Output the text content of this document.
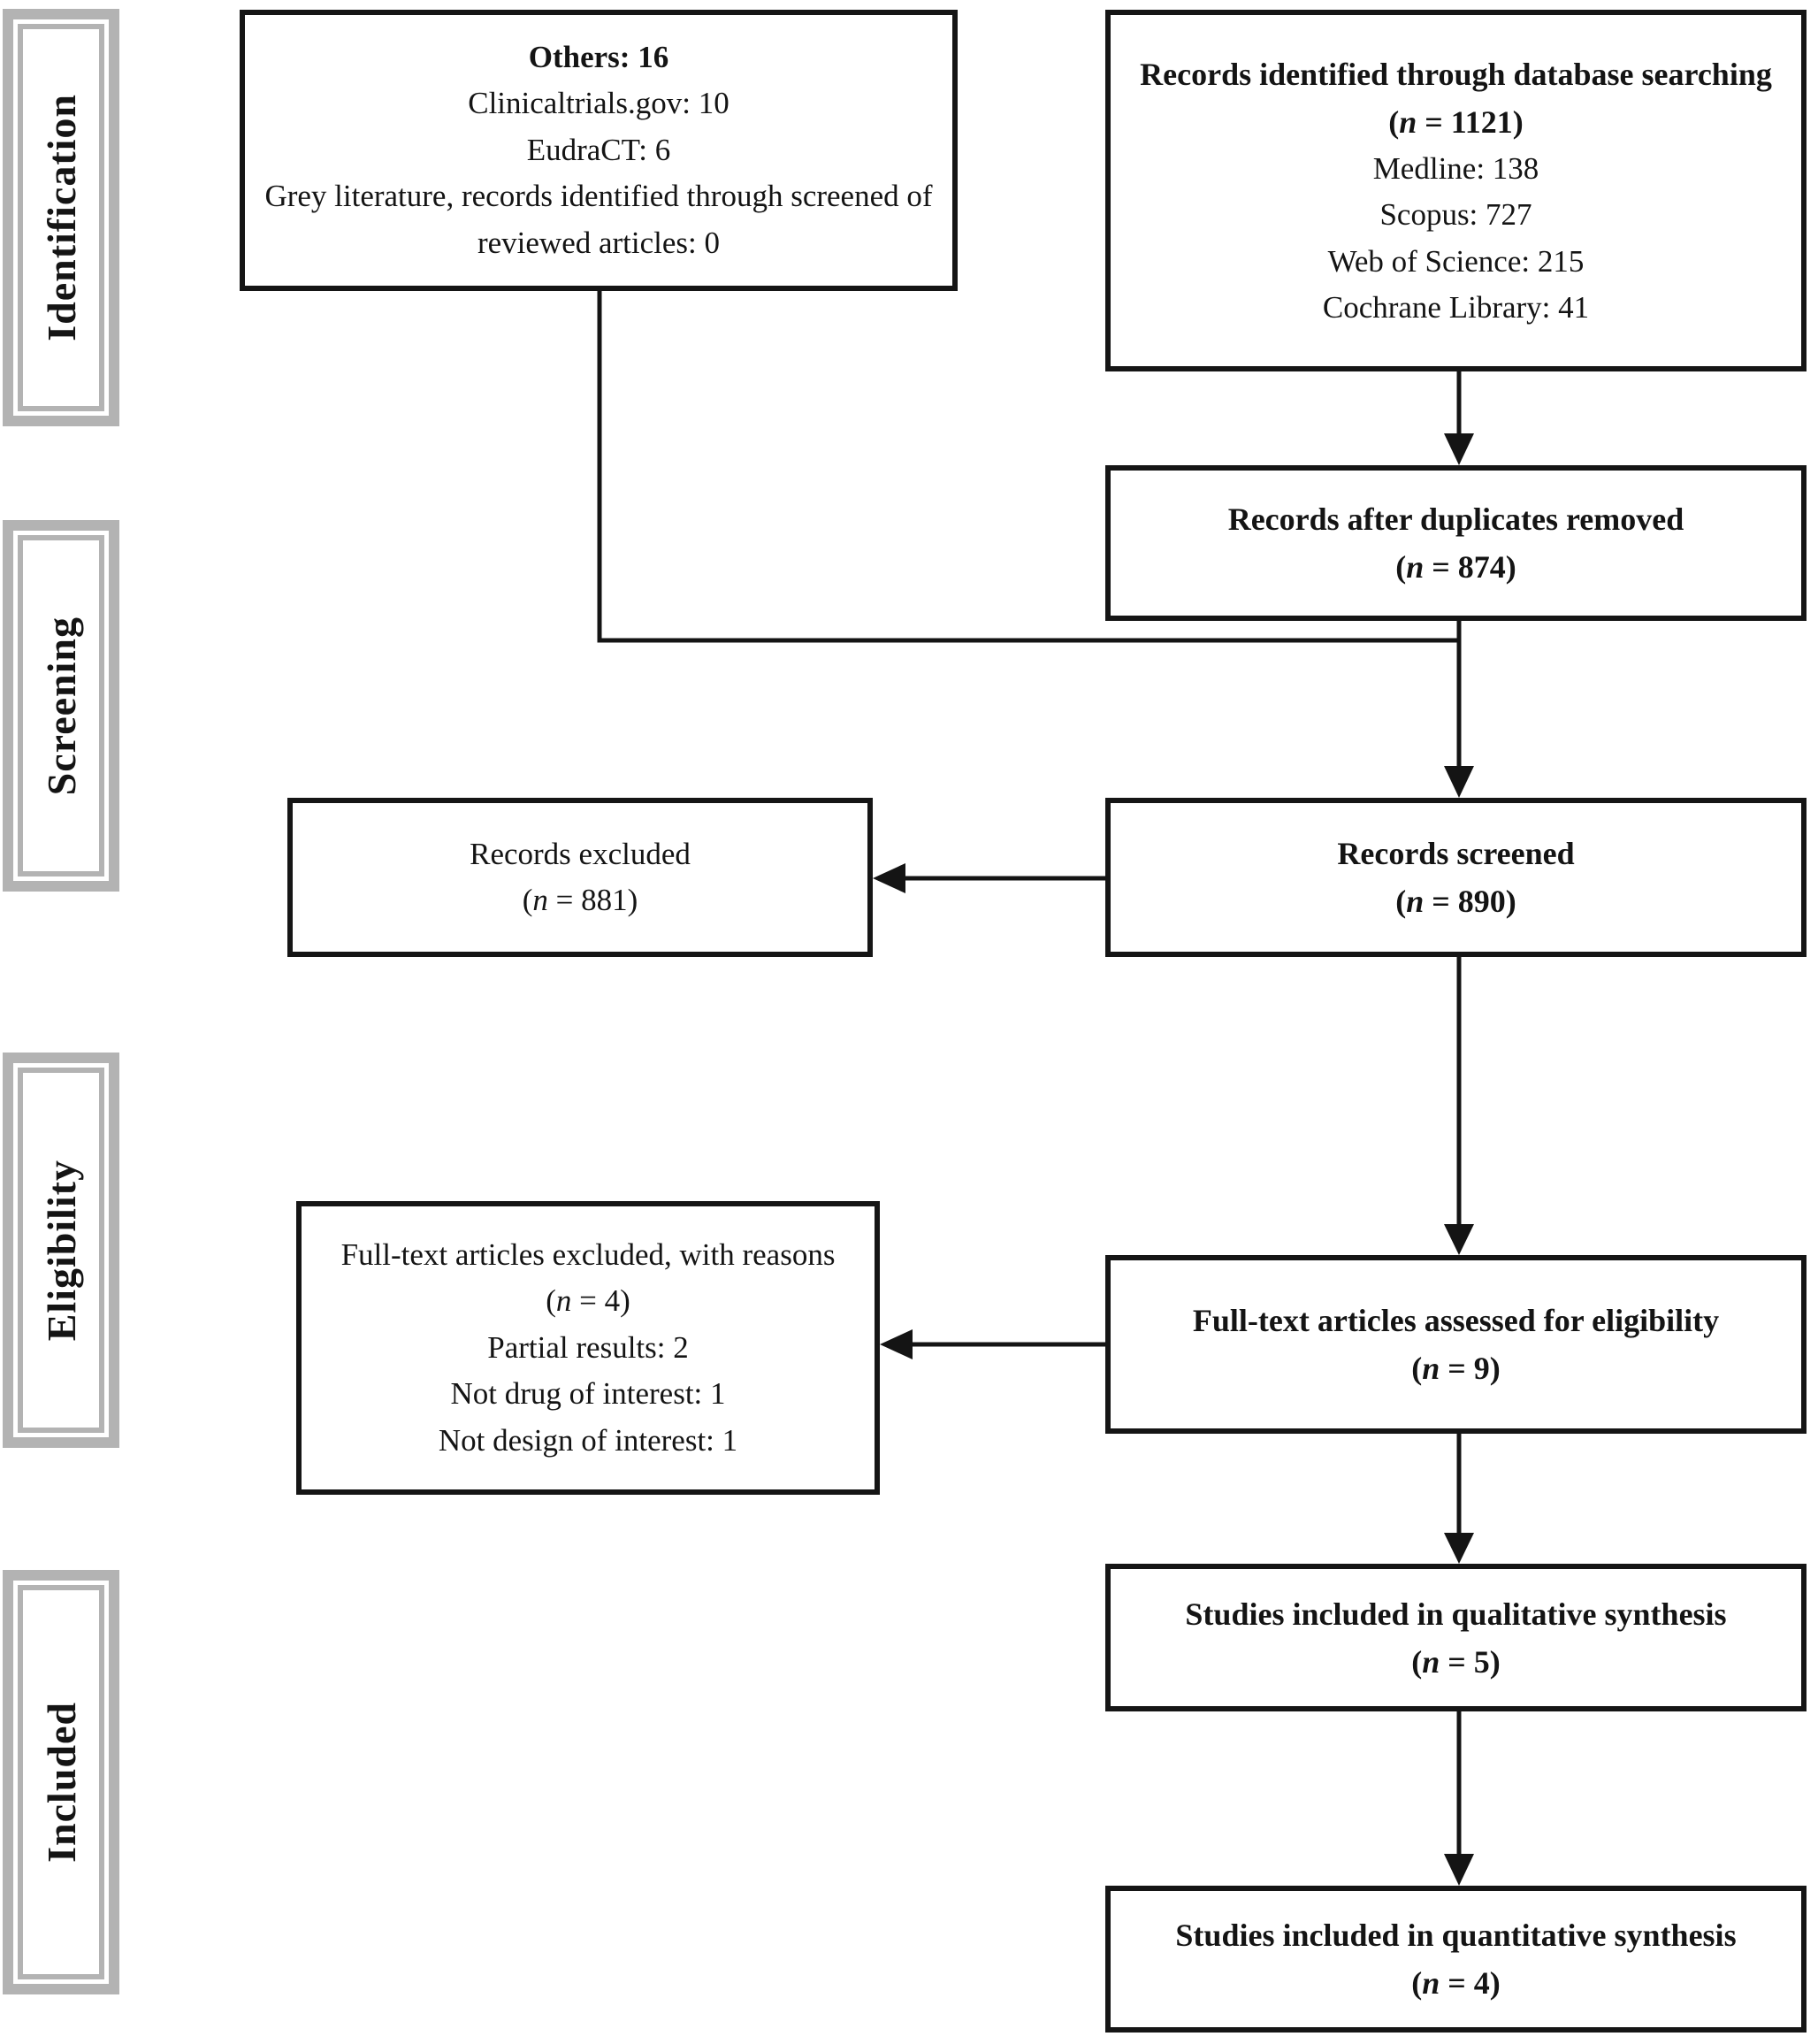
Identification
Screening
Eligibility
Included
Others: 16
Clinicaltrials.gov: 10
EudraCT: 6
Grey literature, records identified through screened of reviewed articles: 0
Records identified through database searching
(n = 1121)
Medline: 138
Scopus: 727
Web of Science: 215
Cochrane Library: 41
Records after duplicates removed
(n = 874)
Records excluded
(n = 881)
Records screened
(n = 890)
Full-text articles excluded, with reasons
(n = 4)
Partial results: 2
Not drug of interest: 1
Not design of interest: 1
Full-text articles assessed for eligibility
(n = 9)
Studies included in qualitative synthesis
(n = 5)
Studies included in quantitative synthesis
(n = 4)
